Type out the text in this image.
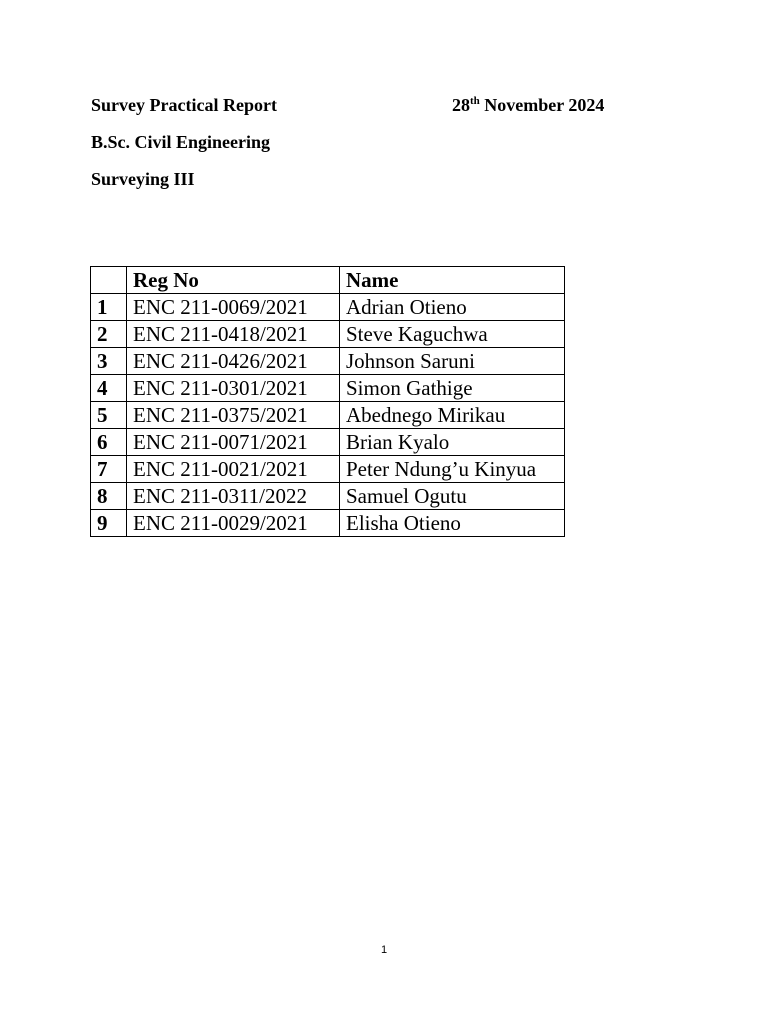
Survey Practical Report	28th November 2024
B.Sc. Civil Engineering
Surveying III
	Reg No	Name
1	ENC 211-0069/2021	Adrian Otieno
2	ENC 211-0418/2021	Steve Kaguchwa
3	ENC 211-0426/2021	Johnson Saruni
4	ENC 211-0301/2021	Simon Gathige
5	ENC 211-0375/2021	Abednego Mirikau
6	ENC 211-0071/2021	Brian Kyalo
7	ENC 211-0021/2021	Peter Ndung’u Kinyua
8	ENC 211-0311/2022	Samuel Ogutu
9	ENC 211-0029/2021	Elisha Otieno
1
